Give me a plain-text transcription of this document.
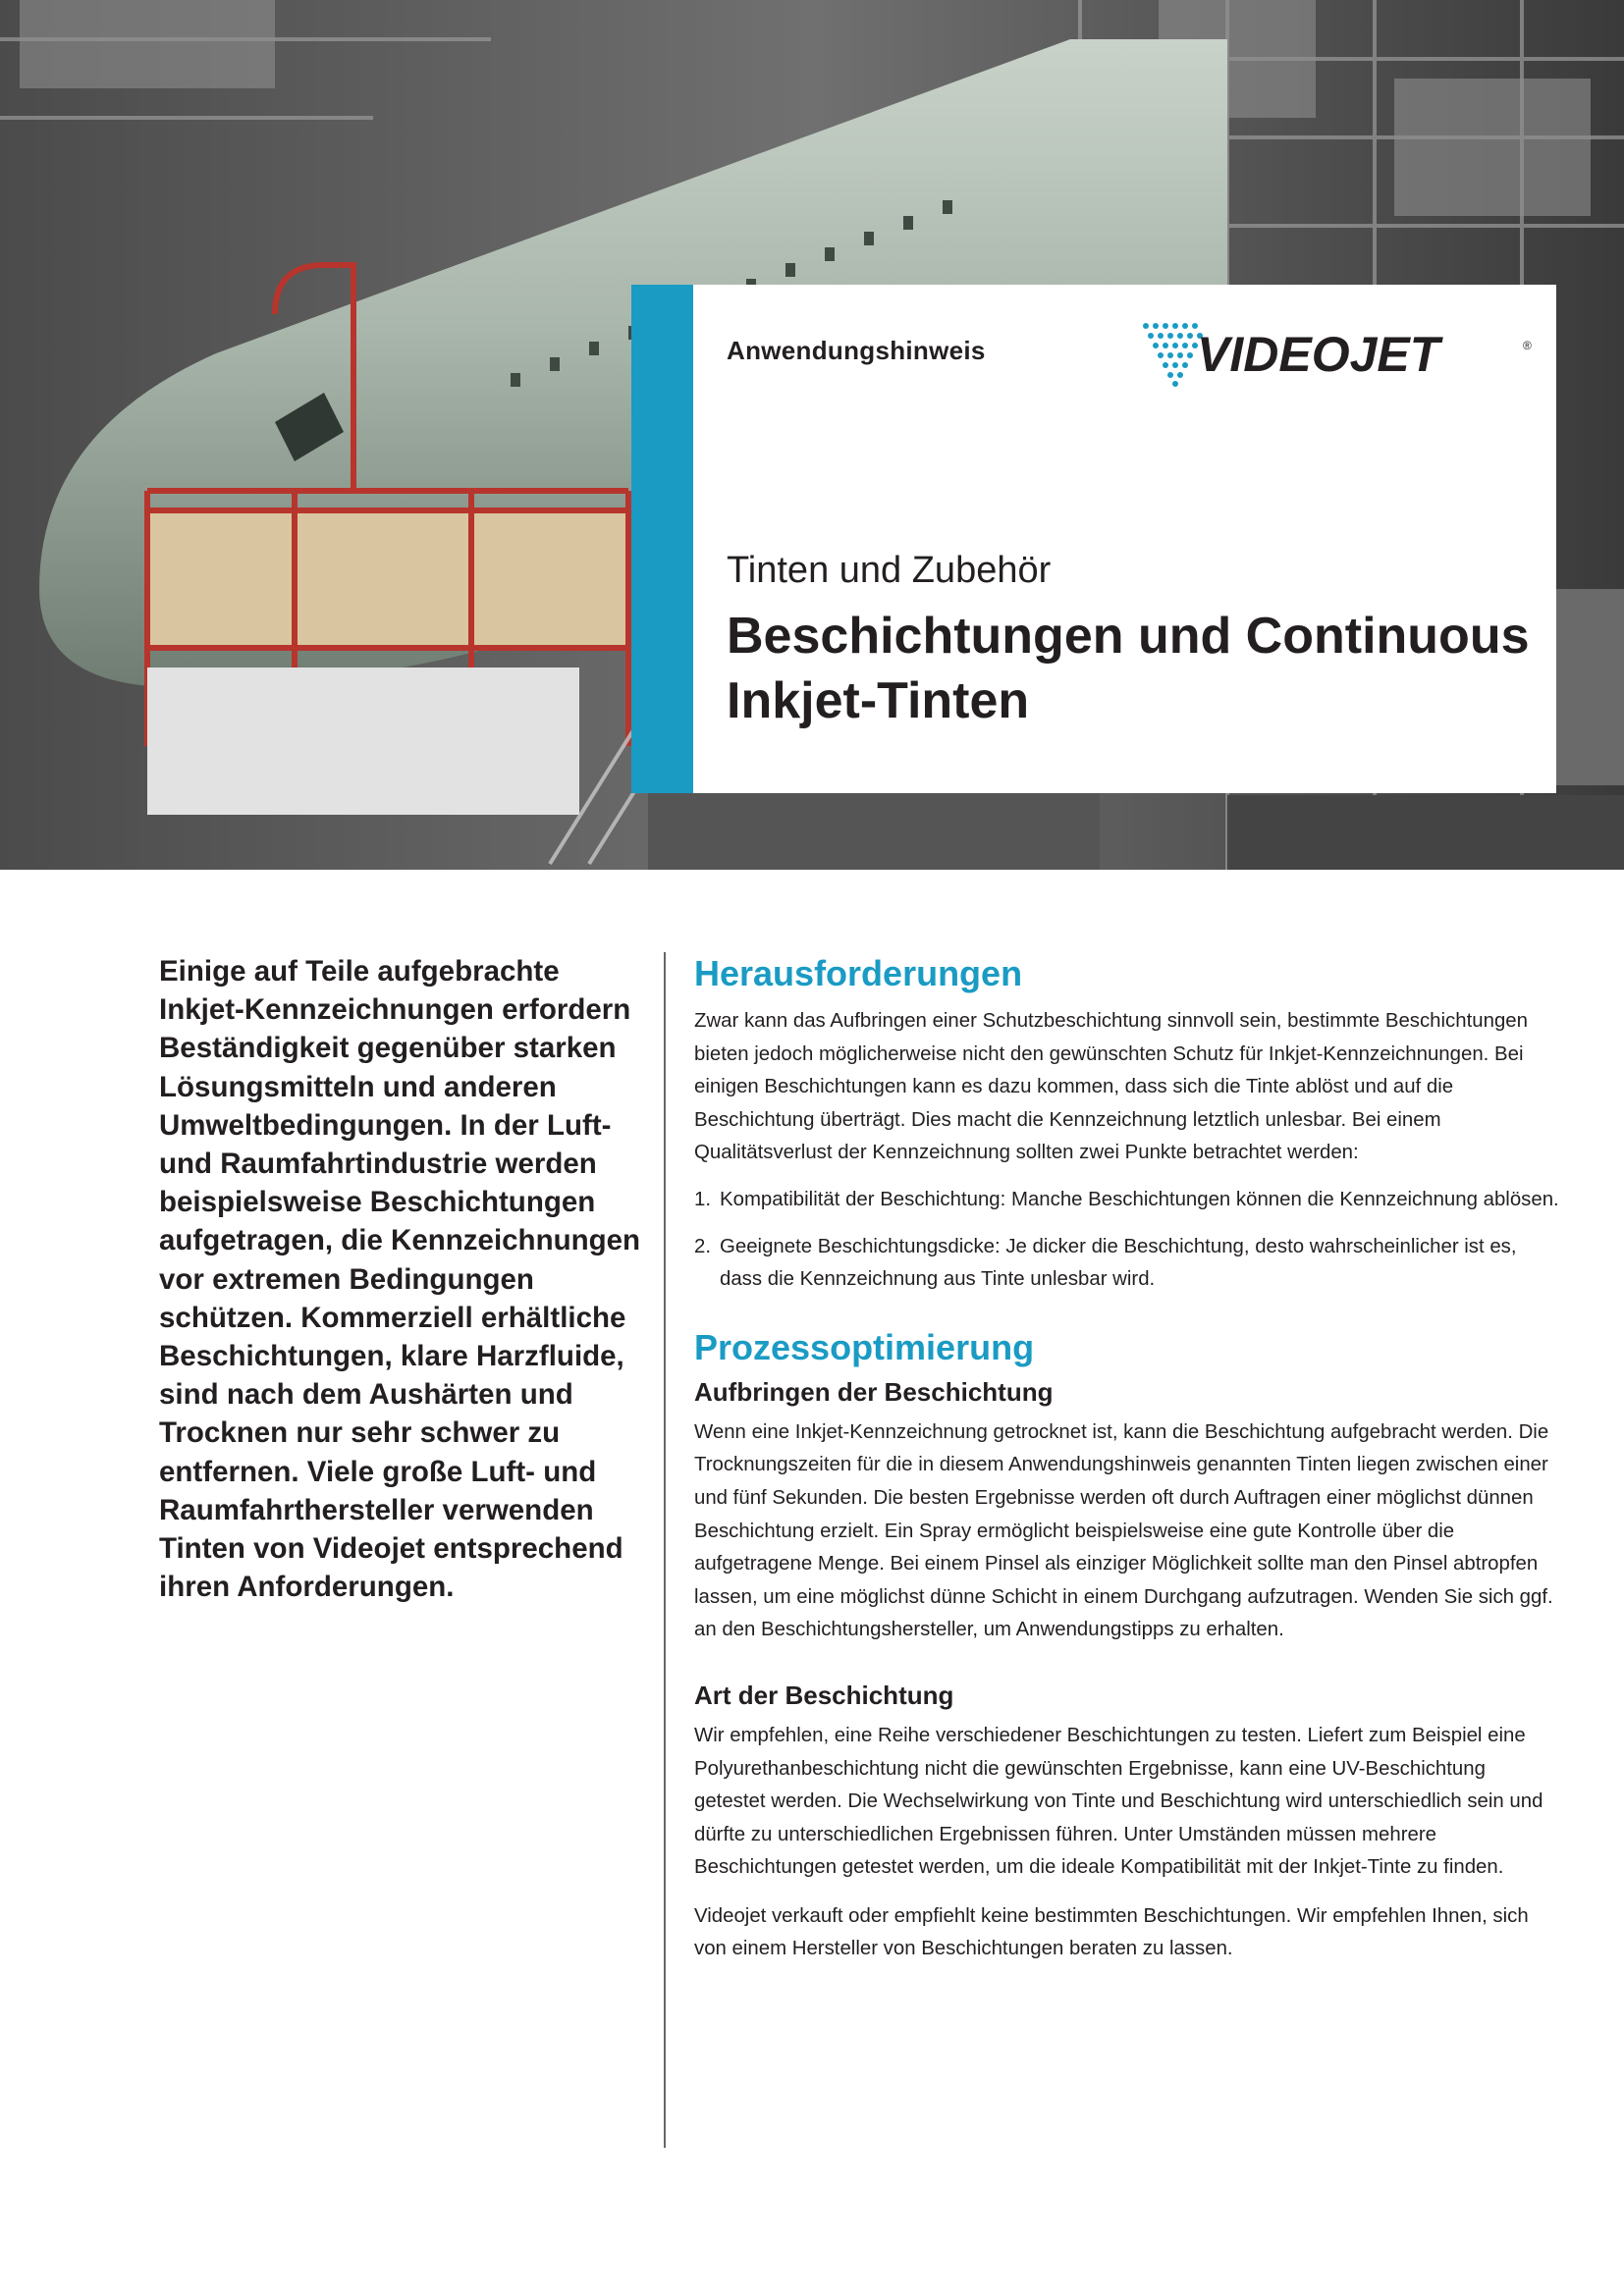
Anwendungshinweis	VIDEOJET	®
Tinten und Zubehör
Beschichtungen und Continuous Inkjet-Tinten
Einige auf Teile aufgebrachte Inkjet-Kennzeichnungen erfordern Beständigkeit gegenüber starken Lösungsmitteln und anderen Umweltbedingungen. In der Luft- und Raumfahrtindustrie werden beispielsweise Beschichtungen aufgetragen, die Kennzeichnungen vor extremen Bedingungen schützen. Kommerziell erhältliche Beschichtungen, klare Harzfluide, sind nach dem Aushärten und Trocknen nur sehr schwer zu entfernen. Viele große Luft- und Raumfahrthersteller verwenden Tinten von Videojet entsprechend ihren Anforderungen.
Herausforderungen

Zwar kann das Aufbringen einer Schutzbeschichtung sinnvoll sein, bestimmte Beschichtungen bieten jedoch möglicherweise nicht den gewünschten Schutz für Inkjet-Kennzeichnungen. Bei einigen Beschichtungen kann es dazu kommen, dass sich die Tinte ablöst und auf die Beschichtung überträgt. Dies macht die Kennzeichnung letztlich unlesbar. Bei einem Qualitätsverlust der Kennzeichnung sollten zwei Punkte betrachtet werden:

1. Kompatibilität der Beschichtung: Manche Beschichtungen können die Kennzeichnung ablösen.
2. Geeignete Beschichtungsdicke: Je dicker die Beschichtung, desto wahrscheinlicher ist es, dass die Kennzeichnung aus Tinte unlesbar wird.
Prozessoptimierung
Aufbringen der Beschichtung

Wenn eine Inkjet-Kennzeichnung getrocknet ist, kann die Beschichtung aufgebracht werden. Die Trocknungszeiten für die in diesem Anwendungshinweis genannten Tinten liegen zwischen einer und fünf Sekunden. Die besten Ergebnisse werden oft durch Auftragen einer möglichst dünnen Beschichtung erzielt. Ein Spray ermöglicht beispielsweise eine gute Kontrolle über die aufgetragene Menge. Bei einem Pinsel als einziger Möglichkeit sollte man den Pinsel abtropfen lassen, um eine möglichst dünne Schicht in einem Durchgang aufzutragen. Wenden Sie sich ggf. an den Beschichtungshersteller, um Anwendungstipps zu erhalten.

Art der Beschichtung

Wir empfehlen, eine Reihe verschiedener Beschichtungen zu testen. Liefert zum Beispiel eine Polyurethanbeschichtung nicht die gewünschten Ergebnisse, kann eine UV-Beschichtung getestet werden. Die Wechselwirkung von Tinte und Beschichtung wird unterschiedlich sein und dürfte zu unterschiedlichen Ergebnissen führen. Unter Umständen müssen mehrere Beschichtungen getestet werden, um die ideale Kompatibilität mit der Inkjet-Tinte zu finden.

Videojet verkauft oder empfiehlt keine bestimmten Beschichtungen. Wir empfehlen Ihnen, sich von einem Hersteller von Beschichtungen beraten zu lassen.
